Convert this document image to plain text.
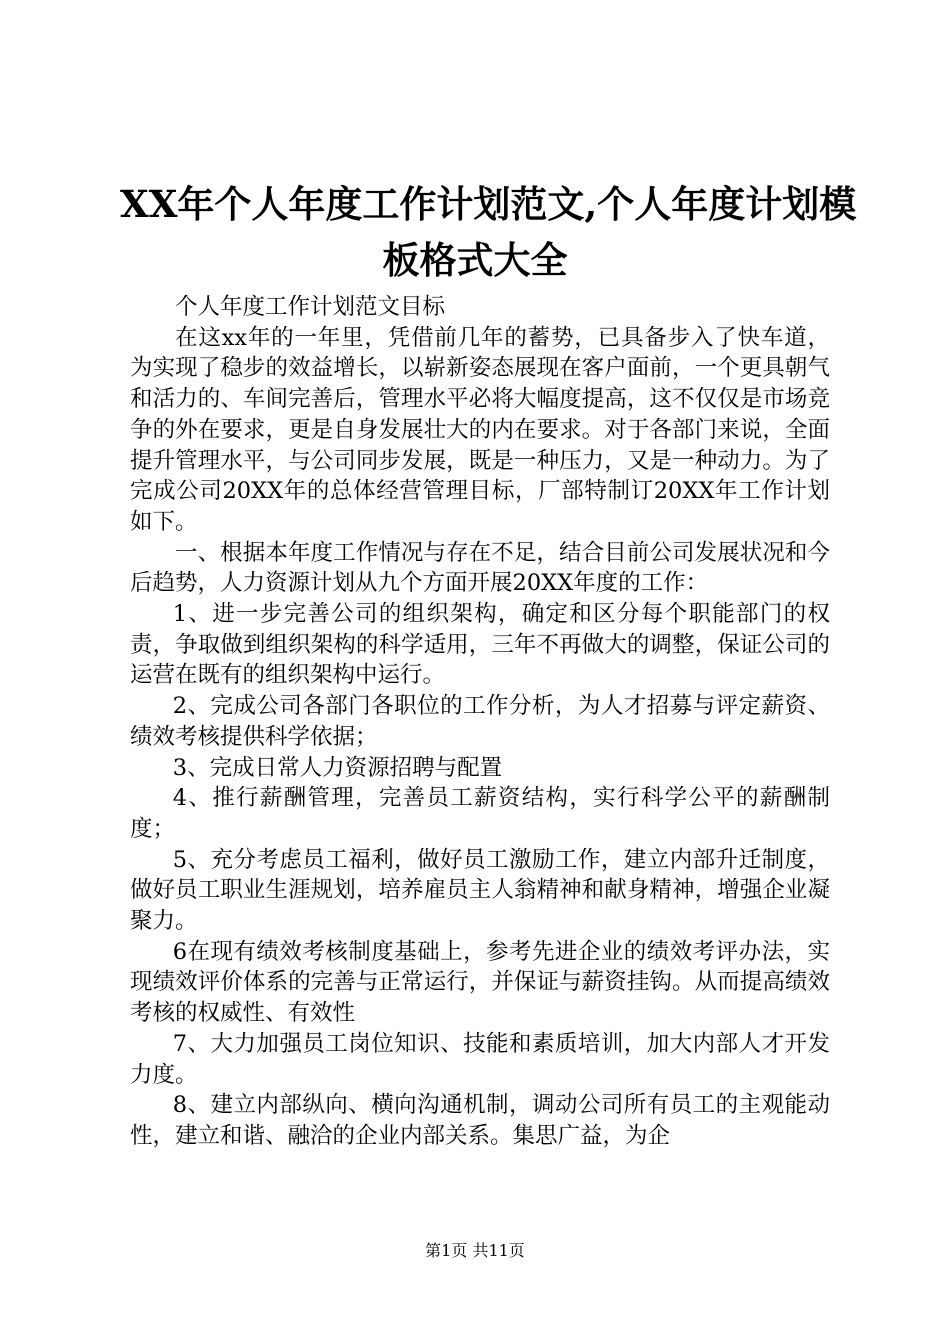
XX年个人年度工作计划范文,个人年度计划模
板格式大全

个人年度工作计划范文目标

在这xx年的一年里，凭借前几年的蓄势，已具备步入了快车道，为实现了稳步的效益增长，以崭新姿态展现在客户面前，一个更具朝气和活力的、车间完善后，管理水平必将大幅度提高，这不仅仅是市场竞争的外在要求，更是自身发展壮大的内在要求。对于各部门来说，全面提升管理水平，与公司同步发展，既是一种压力，又是一种动力。为了完成公司20XX年的总体经营管理目标，厂部特制订20XX年工作计划如下。

一、根据本年度工作情况与存在不足，结合目前公司发展状况和今后趋势，人力资源计划从九个方面开展20XX年度的工作：

1、进一步完善公司的组织架构，确定和区分每个职能部门的权责，争取做到组织架构的科学适用，三年不再做大的调整，保证公司的运营在既有的组织架构中运行。

2、完成公司各部门各职位的工作分析，为人才招募与评定薪资、绩效考核提供科学依据；

3、完成日常人力资源招聘与配置

4、推行薪酬管理，完善员工薪资结构，实行科学公平的薪酬制度；

5、充分考虑员工福利，做好员工激励工作，建立内部升迁制度，做好员工职业生涯规划，培养雇员主人翁精神和献身精神，增强企业凝聚力。

6在现有绩效考核制度基础上，参考先进企业的绩效考评办法，实现绩效评价体系的完善与正常运行，并保证与薪资挂钩。从而提高绩效考核的权威性、有效性

7、大力加强员工岗位知识、技能和素质培训，加大内部人才开发力度。

8、建立内部纵向、横向沟通机制，调动公司所有员工的主观能动性，建立和谐、融洽的企业内部关系。集思广益，为企

第1页 共11页
